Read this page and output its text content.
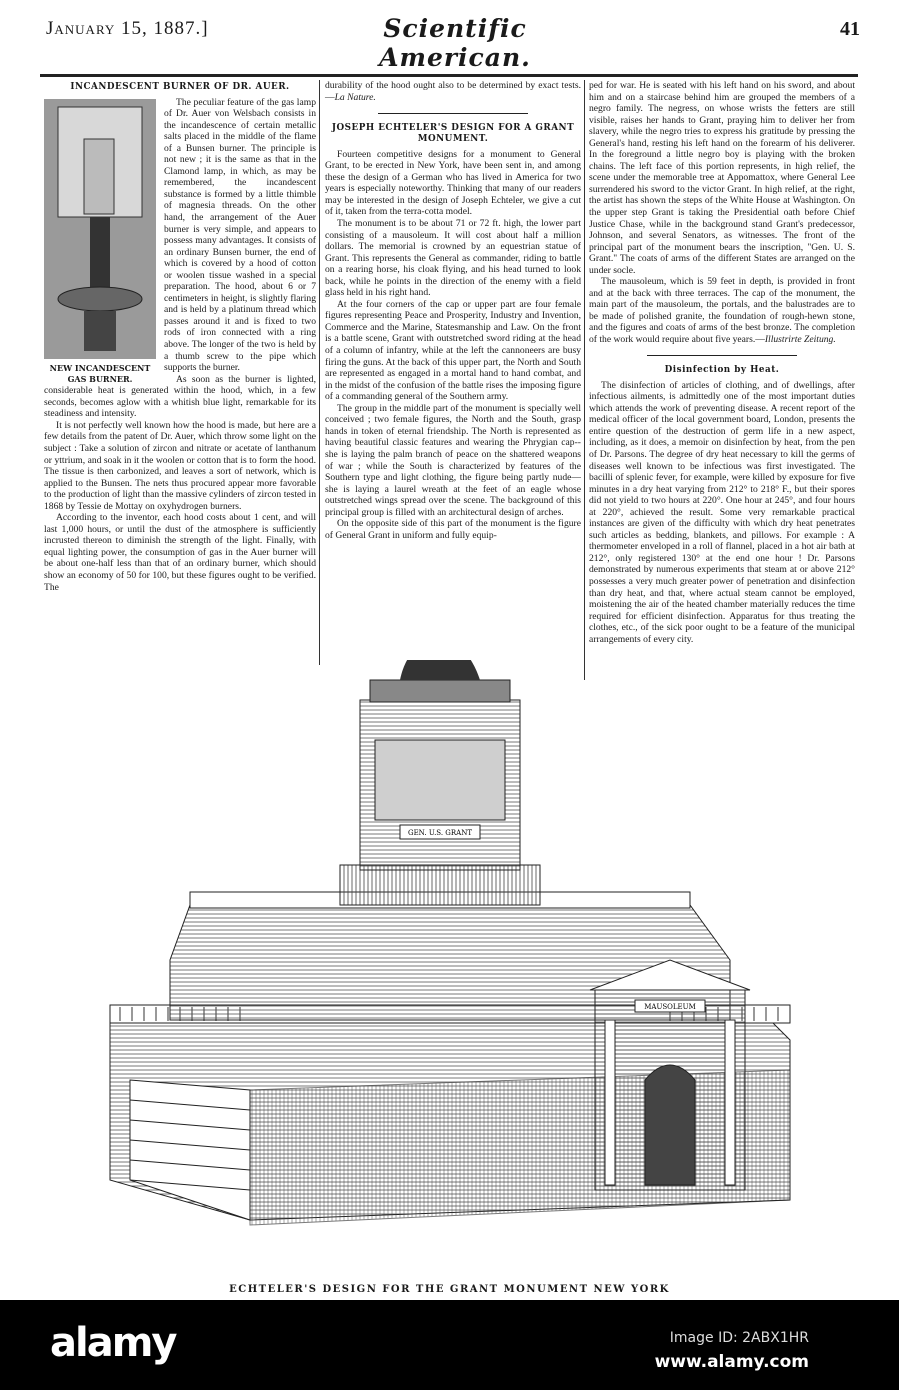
January 15, 1887.]	Scientific American.
41
INCANDESCENT BURNER OF DR. AUER.
NEW INCANDESCENT GAS BURNER.

The peculiar feature of the gas lamp of Dr. Auer von Welsbach consists in the incandescence of certain metallic salts placed in the middle of the flame of a Bunsen burner. The principle is not new ; it is the same as that in the Clamond lamp, in which, as may be remembered, the incandescent substance is formed by a little thimble of magnesia threads. On the other hand, the arrangement of the Auer burner is very simple, and appears to possess many advantages. It consists of an ordinary Bunsen burner, the end of which is covered by a hood of cotton or woolen tissue washed in a special preparation. The hood, about 6 or 7 centimeters in height, is slightly flaring and is held by a platinum thread which passes around it and is fixed to two rods of iron connected with a ring above. The longer of the two is held by a thumb screw to the pipe which supports the burner.

As soon as the burner is lighted, considerable heat is generated within the hood, which, in a few seconds, becomes aglow with a whitish blue light, remarkable for its steadiness and intensity.

It is not perfectly well known how the hood is made, but here are a few details from the patent of Dr. Auer, which throw some light on the subject : Take a solution of zircon and nitrate or acetate of lanthanum or yttrium, and soak in it the woolen or cotton that is to form the hood. The tissue is then carbonized, and leaves a sort of network, which is applied to the Bunsen. The nets thus procured appear more favorable to the production of light than the massive cylinders of zircon tested in 1868 by Tessie de Mottay on oxyhydrogen burners.

According to the inventor, each hood costs about 1 cent, and will last 1,000 hours, or until the dust of the atmosphere is sufficiently incrusted thereon to diminish the strength of the light. Finally, with equal lighting power, the consumption of gas in the Auer burner will be about one-half less than that of an ordinary burner, which should show an economy of 50 for 100, but these figures ought to be verified. The

durability of the hood ought also to be determined by exact tests.—La Nature.

JOSEPH ECHTELER'S DESIGN FOR A GRANT MONUMENT.

Fourteen competitive designs for a monument to General Grant, to be erected in New York, have been sent in, and among these the design of a German who has lived in America for two years is especially noteworthy. Thinking that many of our readers may be interested in the design of Joseph Echteler, we give a cut of it, taken from the terra-cotta model.

The monument is to be about 71 or 72 ft. high, the lower part consisting of a mausoleum. It will cost about half a million dollars. The memorial is crowned by an equestrian statue of Grant. This represents the General as commander, riding to battle on a rearing horse, his cloak flying, and his head turned to look back, while he points in the direction of the enemy with a field glass held in his right hand.

At the four corners of the cap or upper part are four female figures representing Peace and Prosperity, Industry and Invention, Commerce and the Marine, Statesmanship and Law. On the front is a battle scene, Grant with outstretched sword riding at the head of a column of infantry, while at the left the cannoneers are busy firing the guns. At the back of this upper part, the North and South are represented as engaged in a mortal hand to hand combat, and in the midst of the confusion of the battle rises the imposing figure of a commanding general of the Southern army.

The group in the middle part of the monument is specially well conceived ; two female figures, the North and the South, grasp hands in token of eternal friendship. The North is represented as having beautiful classic features and wearing the Phrygian cap--she is laying the palm branch of peace on the shattered weapons of war ; while the South is characterized by features of the Southern type and light clothing, the figure being partly nude—she is laying a laurel wreath at the feet of an eagle whose outstretched wings spread over the scene. The background of this principal group is filled with an architectural design of arches.

On the opposite side of this part of the monument is the figure of General Grant in uniform and fully equip-

ped for war. He is seated with his left hand on his sword, and about him and on a staircase behind him are grouped the members of a negro family. The negress, on whose wrists the fetters are still visible, raises her hands to Grant, praying him to deliver her from slavery, while the negro tries to express his gratitude by pressing the General's hand, resting his left hand on the forearm of his deliverer. In the foreground a little negro boy is playing with the broken chains. The left face of this portion represents, in high relief, the scene under the memorable tree at Appomattox, where General Lee surrendered his sword to the victor Grant. In high relief, at the right, the artist has shown the steps of the White House at Washington. On the upper step Grant is taking the Presidential oath before Chief Justice Chase, while in the background stand Grant's predecessor, Johnson, and several Senators, as witnesses. The front of the principal part of the monument bears the inscription, "Gen. U. S. Grant." The coats of arms of the different States are arranged on the under socle.

The mausoleum, which is 59 feet in depth, is provided in front and at the back with three terraces. The cap of the monument, the main part of the mausoleum, the portals, and the balustrades are to be made of polished granite, the foundation of rough-hewn stone, and the figures and coats of arms of the best bronze. The completion of the work would require about five years.—Illustrirte Zeitung.

Disinfection by Heat.

The disinfection of articles of clothing, and of dwellings, after infectious ailments, is admittedly one of the most important duties which attends the work of preventing disease. A recent report of the medical officer of the local government board, London, presents the entire question of the destruction of germ life in a new aspect, including, as it does, a memoir on disinfection by heat, from the pen of Dr. Parsons. The degree of dry heat necessary to kill the germs of diseases well known to be infectious was first investigated. The bacilli of splenic fever, for example, were killed by exposure for five minutes in a dry heat varying from 212° to 218° F., but their spores did not yield to two hours at 220°. One hour at 245°, and four hours at 220°, achieved the result. Some very remarkable practical instances are given of the difficulty with which dry heat penetrates such articles as bedding, blankets, and pillows. For example : A thermometer enveloped in a roll of flannel, placed in a hot air bath at 212°, only registered 130° at the end one hour ! Dr. Parsons demonstrated by numerous experiments that steam at or above 212° possesses a very much greater power of penetration and disinfection than dry heat, and that, where actual steam cannot be employed, moistening the air of the heated chamber materially reduces the time required for efficient disinfection. Apparatus for thus treating the clothes, etc., of the sick poor ought to be a feature of the municipal arrangements of every city.

GEN. U.S. GRANT
MAUSOLEUM
ECHTELER'S DESIGN FOR THE GRANT MONUMENT NEW YORK
alamy	Image ID: 2ABX1HR
www.alamy.com
